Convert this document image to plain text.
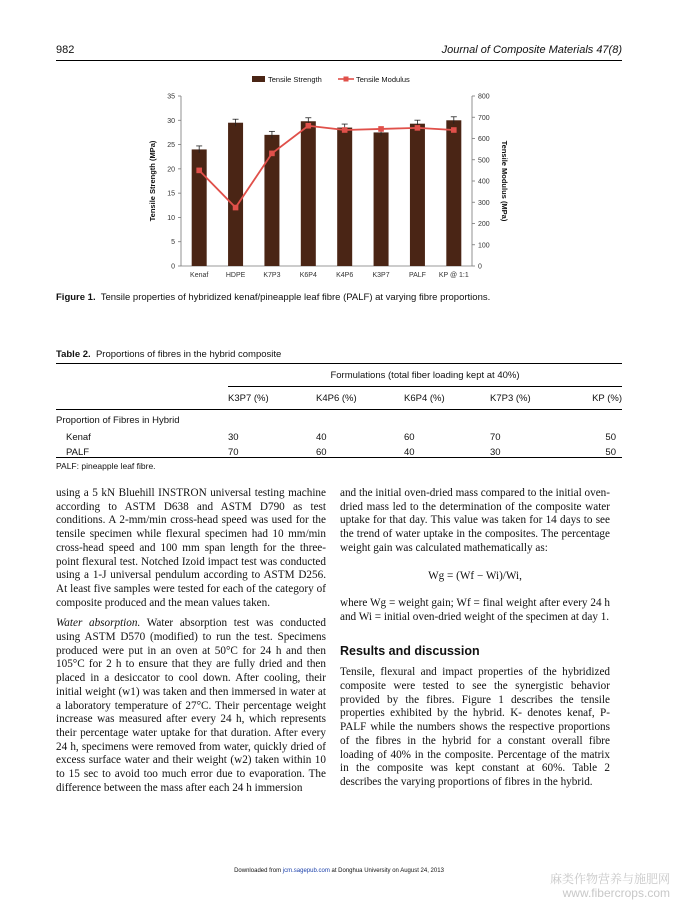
982	Journal of Composite Materials 47(8)
Tensile Strength	Tensile Modulus
0
5
10
15
20
25
30
35
0
100
200
300
400
500
600
700
800
Tensile Strength (MPa)	Tensile Modulus (MPa)
Kenaf	HDPE	K7P3	K6P4	K4P6	K3P7	PALF KP @ 1:1
Figure 1. Tensile properties of hybridized kenaf/pineapple leaf fibre (PALF) at varying fibre proportions.
Table 2. Proportions of fibres in the hybrid composite
	Formulations (total fiber loading kept at 40%)				
	K3P7 (%)	K4P6 (%)	K6P4 (%)	K7P3 (%)	KP (%)
Proportion of Fibres in Hybrid					
Kenaf	30	40	60	70	50
PALF	70	60	40	30	50
PALF: pineapple leaf fibre.

using a 5 kN Bluehill INSTRON universal testing machine according to ASTM D638 and ASTM D790 as test conditions. A 2-mm/min cross-head speed was used for the tensile specimen while flexural specimen had 10 mm/min cross-head speed and 100 mm span length for the three-point flexural test. Notched Izoid impact test was conducted using a 1-J universal pendulum according to ASTM D256. At least five samples were tested for each of the category of composite produced and the mean values taken.

Water absorption. Water absorption test was conducted using ASTM D570 (modified) to run the test. Specimens produced were put in an oven at 50°C for 24 h and then 105°C for 2 h to ensure that they are fully dried and then placed in a desiccator to cool down. After cooling, their initial weight (w1) was taken and then immersed in water at a laboratory temperature of 27°C. Their percentage weight increase was measured after every 24 h, which represents their percentage water uptake for that duration. After every 24 h, specimens were removed from water, quickly dried of excess surface water and their weight (w2) taken within 10 to 15 sec to avoid too much error due to evaporation. The difference between the mass after each 24 h immersion

and the initial oven-dried mass compared to the initial oven-dried mass led to the determination of the composite water uptake for that day. This value was taken for 14 days to see the trend of water uptake in the composites. The percentage weight gain was calculated mathematically as:

Wg = (Wf − Wi)/Wi,

where Wg = weight gain; Wf = final weight after every 24 h and Wi = initial oven-dried weight of the specimen at day 1.

Results and discussion

Tensile, flexural and impact properties of the hybridized composite were tested to see the synergistic behavior provided by the fibres. Figure 1 describes the tensile properties exhibited by the hybrid. K- denotes kenaf, P- PALF while the numbers shows the respective proportions of the fibres in the hybrid for a constant overall fibre loading of 40% in the composite. Percentage of the matrix in the composite was kept constant at 60%. Table 2 describes the varying proportions of fibres in the hybrid.

Downloaded from jcm.sagepub.com at Donghua University on August 24, 2013
麻类作物营养与施肥网
www.fibercrops.com
